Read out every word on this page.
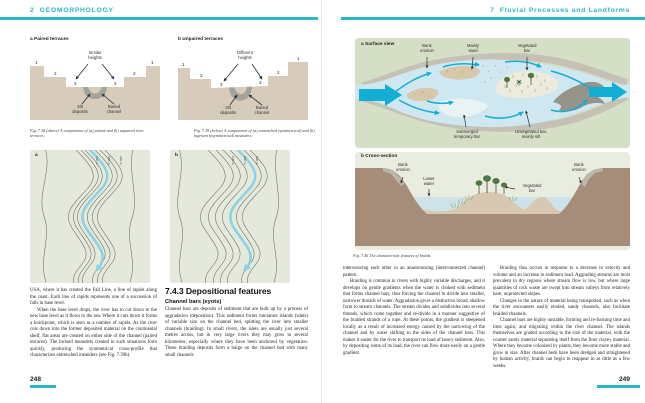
2  GEOMORPHOLOGY
a Paired terraces
1
2
3	3
2
1
Similar heights
Silt deposits
Buried channel
b Unpaired terraces
1
2
3	3
2
1
Different heights
Silt deposits
Buried channel
Fig. 7.38 (above) A comparison of (a) paired and (b) unpaired river terraces.
Fig. 7.39 (below) A comparison of (a) entrenched (symmetrical) and (b) ingrown (asymmetrical) meanders.
100 m	200 m	300 m
a
100 m	200 m	300 m
b

USA, where it has created the Fall Line, a line of rapids along the coast. Each line of rapids represents one of a succession of falls in base level.

When the base level drops, the river has to cut down to the new base level as it flows to the sea. Where it cuts down it forms a knickpoint, which is seen as a number of rapids. As the river cuts down into the former deposited material on the continental shelf, flat areas are created on either side of the channel (paired terraces). The incised meanders created in such situations form quickly, producing the symmetrical cross-profile that characterizes entrenched meanders (see Fig. 7.39b).

7.4.3 Depositional features
Channel bars (eyots)

Channel bars are deposits of sediment that are built up by a process of aggradation (deposition). This sediment forms miniature islands (islets) of variable size on the channel bed, splitting the river into smaller channels (braiding). In small rivers, the islets are usually just several metres across, but in very large rivers they may grow to several kilometres, especially where they have been anchored by vegetation. These braiding deposits form a bulge on the channel bed with many small channels

248
7  Fluvial Processes and Landforms
a Surface view	Bank erosion
Mainly sand
Vegetated bar
Submerged temporary bar
Unvegetated bar, mainly silt
b Cross-section
Bank erosion
Lower water	Vegetated bar
Bank erosion
Fig. 7.40 The characteristic features of braids.

interweaving each other in an anastomosing (interconnected channel) pattern.

Braiding is common in rivers with highly variable discharges, and it develops on gentle gradients when the water is choked with sediment that forms channel bars, thus forcing the channel to divide into smaller, narrower threads of water. Aggradation gives a distinctive broad, shallow form to stream channels. The stream divides and subdivides into several threads, which come together and re-divide in a manner suggestive of the braided strands of a rope. At these points, the gradient is steepened locally as a result of increased energy caused by the narrowing of the channel and by water shifting to the sides of the channel bars. This makes it easier for the river to transport its load of heavy sediment. Also, by depositing some of its load, the river can flow more easily on a gentle gradient.

Braiding thus occurs in response to a decrease in velocity and volume and an increase in sediment load. Aggrading streams are most prevalent in dry regions where stream flow is low, but where large quantities of rock waste are swept into stream valleys from relatively bare, unprotected slopes.

Changes in the nature of material being transported, such as when the river encounters easily eroded, sandy channels, also facilitate braided channels.

Channel bars are highly unstable, forming and re-forming time and time again, and migrating within the river channel. The islands themselves are graded according to the size of the material, with the coarser sandy material separating itself from the finer clayey material. Where they become colonised by plants, they become more stable and grow in size. After channel beds have been dredged and straightened by human activity, braids can begin to reappear in as little as a few weeks.

249
